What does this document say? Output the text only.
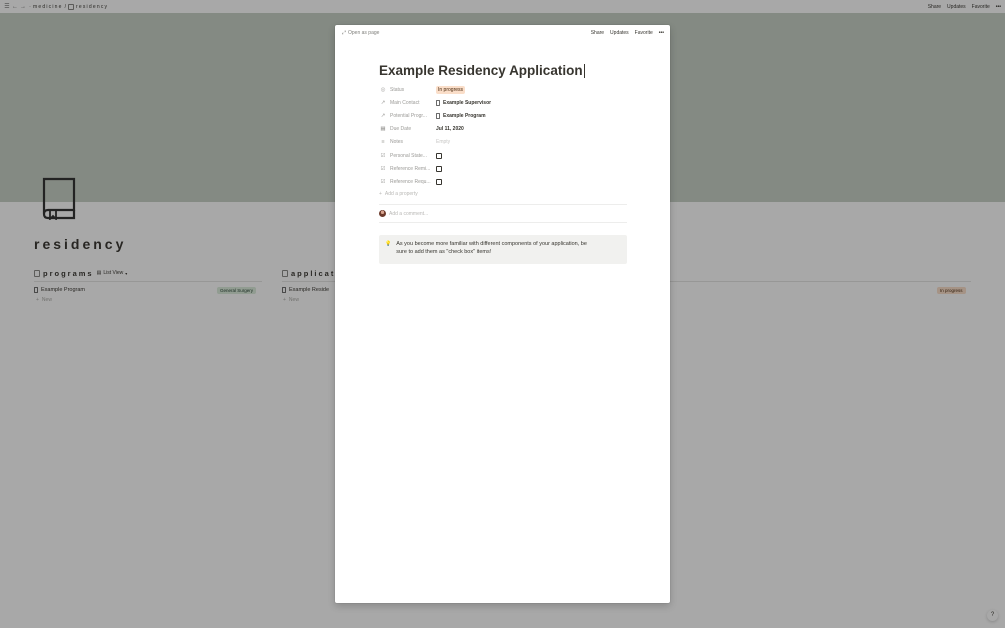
☰ ← → · medicine / residency	Share Updates Favorite •••
residency
programs ▤ List View ▾
Example Program	General Surgery
+ New
applicat
Example Reside	In progress
+ New
?
⤢ Open as page	Share Updates Favorite •••
Example Residency Application
◎ Status	In progress
↗ Main Contact	Example Supervisor
↗ Potential Progr...	Example Program
▦ Due Date	Jul 11, 2020
≡	Notes	Empty
☑ Personal State...
☑ Reference Remi...
☑ Reference Requ...
+ Add a property
Add a comment...
💡 As you become more familiar with different components of your application, be
sure to add them as "check box" items!
